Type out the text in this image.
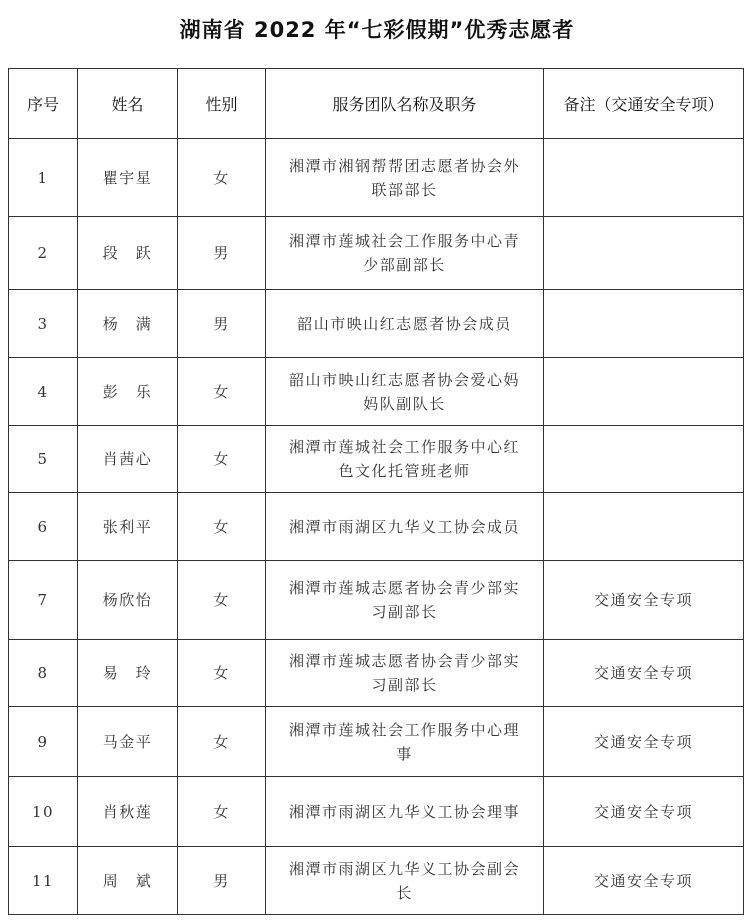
湖南省 2022 年“七彩假期”优秀志愿者
序号	姓名	性别	服务团队名称及职务	备注（交通安全专项）
1	瞿宇星	女	湘潭市湘钢帮帮团志愿者协会外联部部长	
2	段　跃	男	湘潭市莲城社会工作服务中心青少部副部长	
3	杨　满	男	韶山市映山红志愿者协会成员	
4	彭　乐	女	韶山市映山红志愿者协会爱心妈妈队副队长	
5	肖茜心	女	湘潭市莲城社会工作服务中心红色文化托管班老师	
6	张利平	女	湘潭市雨湖区九华义工协会成员	
7	杨欣怡	女	湘潭市莲城志愿者协会青少部实习副部长	交通安全专项
8	易　玲	女	湘潭市莲城志愿者协会青少部实习副部长	交通安全专项
9	马金平	女	湘潭市莲城社会工作服务中心理事	交通安全专项
10	肖秋莲	女	湘潭市雨湖区九华义工协会理事	交通安全专项
11	周　斌	男	湘潭市雨湖区九华义工协会副会长	交通安全专项
